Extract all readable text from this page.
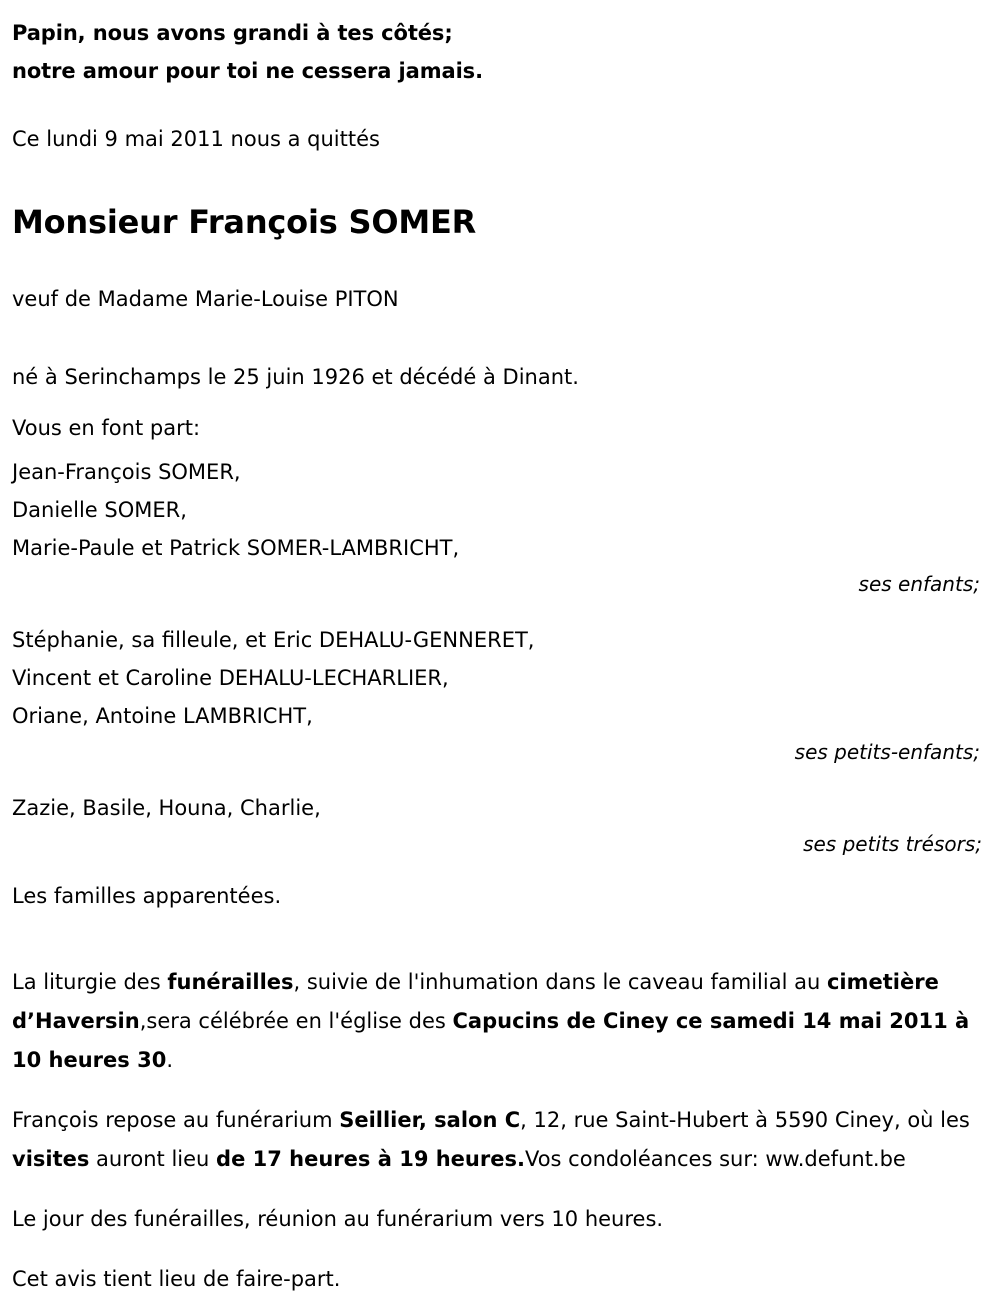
Papin, nous avons grandi à tes côtés;
notre amour pour toi ne cessera jamais.
Ce lundi 9 mai 2011 nous a quittés
Monsieur François SOMER
veuf de Madame Marie-Louise PITON
né à Serinchamps le 25 juin 1926 et décédé à Dinant.
Vous en font part:
Jean-François SOMER,
Danielle SOMER,
Marie-Paule et Patrick SOMER-LAMBRICHT,
ses enfants;
Stéphanie, sa filleule, et Eric DEHALU-GENNERET,
Vincent et Caroline DEHALU-LECHARLIER,
Oriane, Antoine LAMBRICHT,
ses petits-enfants;
Zazie, Basile, Houna, Charlie,
ses petits trésors;
Les familles apparentées.

La liturgie des funérailles, suivie de l'inhumation dans le caveau familial au cimetière d’Haversin,sera célébrée en l'église des Capucins de Ciney ce samedi 14 mai 2011 à 10 heures 30.

François repose au funérarium Seillier, salon C, 12, rue Saint-Hubert à 5590 Ciney, où les visites auront lieu de 17 heures à 19 heures.Vos condoléances sur: ww.defunt.be

Le jour des funérailles, réunion au funérarium vers 10 heures.

Cet avis tient lieu de faire-part.
